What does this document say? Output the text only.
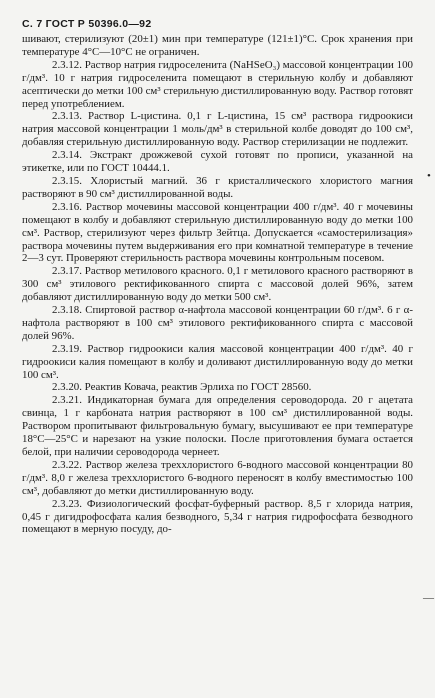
С. 7 ГОСТ Р 50396.0—92

шивают, стерилизуют (20±1) мин при температуре (121±1)°С. Срок хранения при температуре 4°С—10°С не ограничен.

2.3.12. Раствор натрия гидроселенита (NaHSeO₃) массовой концентрации 100 г/дм³. 10 г натрия гидроселенита помещают в стерильную колбу и добавляют асептически до метки 100 см³ стерильную дистиллированную воду. Раствор готовят перед употреблением.

2.3.13. Раствор L-цистина. 0,1 г L-цистина, 15 см³ раствора гидроокиси натрия массовой концентрации 1 моль/дм³ в стерильной колбе доводят до 100 см³, добавляя стерильную дистиллированную воду. Раствор стерилизации не подлежит.

2.3.14. Экстракт дрожжевой сухой готовят по прописи, указанной на этикетке, или по ГОСТ 10444.1.

2.3.15. Хлористый магний. 36 г кристаллического хлористого магния растворяют в 90 см³ дистиллированной воды.

2.3.16. Раствор мочевины массовой концентрации 400 г/дм³. 40 г мочевины помещают в колбу и добавляют стерильную дистиллированную воду до метки 100 см³. Раствор, стерилизуют через фильтр Зейтца. Допускается «самостерилизация» раствора мочевины путем выдерживания его при комнатной температуре в течение 2—3 сут. Проверяют стерильность раствора мочевины контрольным посевом.

2.3.17. Раствор метилового красного. 0,1 г метилового красного растворяют в 300 см³ этилового ректификованного спирта с массовой долей 96%, затем добавляют дистиллированную воду до метки 500 см³.

2.3.18. Спиртовой раствор α-нафтола массовой концентрации 60 г/дм³. 6 г α-нафтола растворяют в 100 см³ этилового ректификованного спирта с массовой долей 96%.

2.3.19. Раствор гидроокиси калия массовой концентрации 400 г/дм³. 40 г гидроокиси калия помещают в колбу и доливают дистиллированную воду до метки 100 см³.

2.3.20. Реактив Ковача, реактив Эрлиха по ГОСТ 28560.

2.3.21. Индикаторная бумага для определения сероводорода. 20 г ацетата свинца, 1 г карбоната натрия растворяют в 100 см³ дистиллированной воды. Раствором пропитывают фильтровальную бумагу, высушивают ее при температуре 18°С—25°С и нарезают на узкие полоски. После приготовления бумага остается белой, при наличии сероводорода чернеет.

2.3.22. Раствор железа треххлористого 6-водного массовой концентрации 80 г/дм³. 8,0 г железа треххлористого 6-водного переносят в колбу вместимостью 100 см³, добавляют до метки дистиллированную воду.

2.3.23. Физиологический фосфат-буферный раствор. 8,5 г хлорида натрия, 0,45 г дигидрофосфата калия безводного, 5,34 г натрия гидрофосфата безводного помещают в мерную посуду, до-

•
—
